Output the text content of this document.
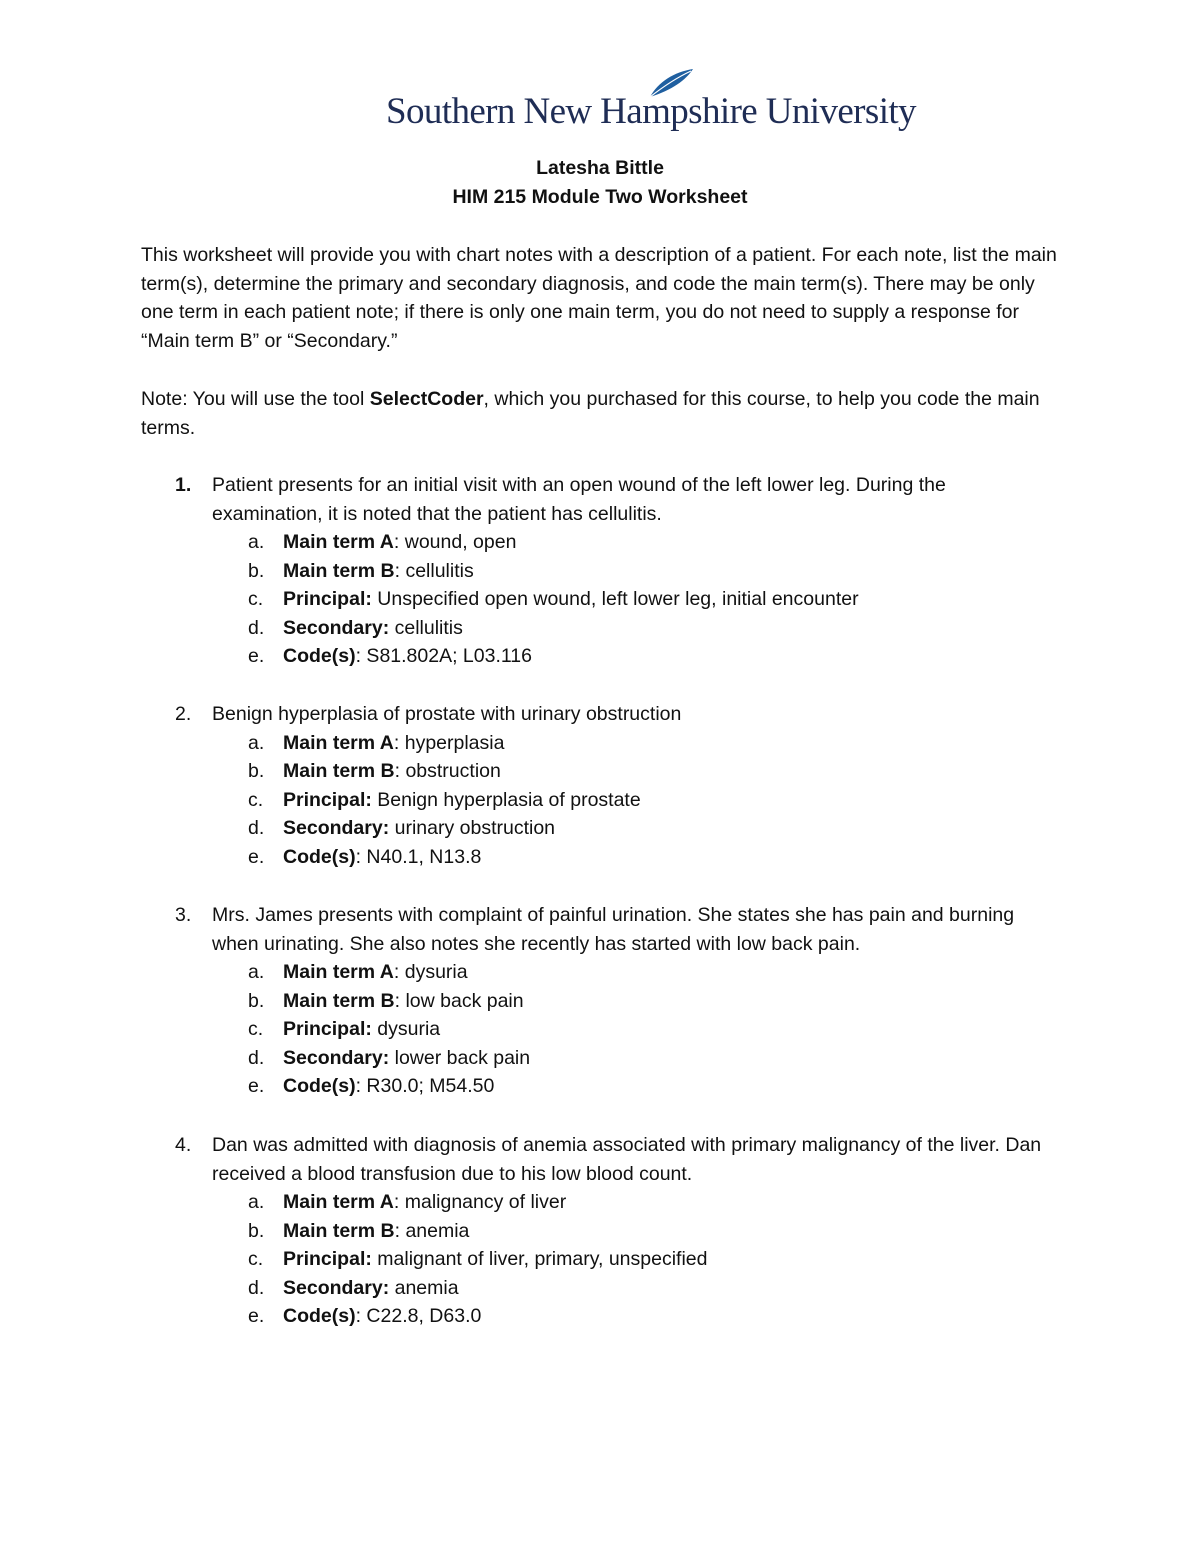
Southern New Hampshire University
Latesha Bittle
HIM 215 Module Two Worksheet
This worksheet will provide you with chart notes with a description of a patient. For each note, list the main term(s), determine the primary and secondary diagnosis, and code the main term(s). There may be only one term in each patient note; if there is only one main term, you do not need to supply a response for “Main term B” or “Secondary.”
Note: You will use the tool SelectCoder, which you purchased for this course, to help you code the main terms.
1. Patient presents for an initial visit with an open wound of the left lower leg. During the examination, it is noted that the patient has cellulitis.
a. Main term A: wound, open
b. Main term B: cellulitis
c. Principal: Unspecified open wound, left lower leg, initial encounter
d. Secondary: cellulitis
e. Code(s): S81.802A; L03.116
2. Benign hyperplasia of prostate with urinary obstruction
a. Main term A: hyperplasia
b. Main term B: obstruction
c. Principal: Benign hyperplasia of prostate
d. Secondary: urinary obstruction
e. Code(s): N40.1, N13.8
3. Mrs. James presents with complaint of painful urination. She states she has pain and burning when urinating. She also notes she recently has started with low back pain.
a. Main term A: dysuria
b. Main term B: low back pain
c. Principal: dysuria
d. Secondary: lower back pain
e. Code(s): R30.0; M54.50
4. Dan was admitted with diagnosis of anemia associated with primary malignancy of the liver. Dan received a blood transfusion due to his low blood count.
a. Main term A: malignancy of liver
b. Main term B: anemia
c. Principal: malignant of liver, primary, unspecified
d. Secondary: anemia
e. Code(s): C22.8, D63.0
